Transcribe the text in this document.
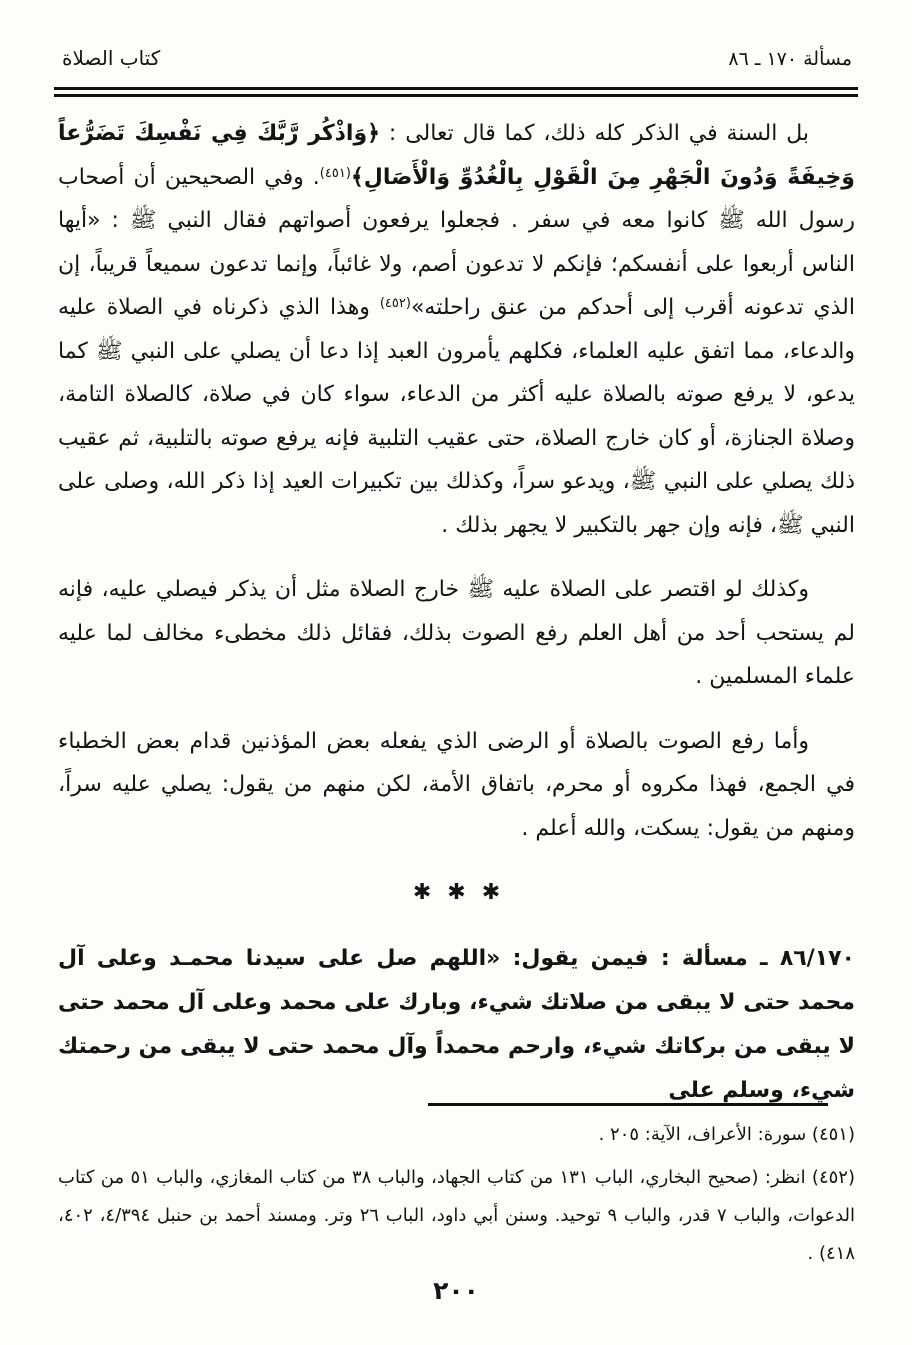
مسألة ١٧٠ ـ ٨٦
كتاب الصلاة

بل السنة في الذكر كله ذلك، كما قال تعالى : ﴿وَاذْكُر رَّبَّكَ فِي نَفْسِكَ تَضَرُّعاً وَخِيفَةً وَدُونَ الْجَهْرِ مِنَ الْقَوْلِ بِالْغُدُوِّ وَالْأَصَالِ﴾$^{(٤٥١)}$. وفي الصحيحين أن أصحاب رسول الله ﷺ كانوا معه في سفر . فجعلوا يرفعون أصواتهم فقال النبي ﷺ : «أيها الناس أربعوا على أنفسكم؛ فإنكم لا تدعون أصم، ولا غائباً، وإنما تدعون سميعاً قريباً، إن الذي تدعونه أقرب إلى أحدكم من عنق راحلته»$^{(٤٥٢)}$ وهذا الذي ذكرناه في الصلاة عليه والدعاء، مما اتفق عليه العلماء، فكلهم يأمرون العبد إذا دعا أن يصلي على النبي ﷺ كما يدعو، لا يرفع صوته بالصلاة عليه أكثر من الدعاء، سواء كان في صلاة، كالصلاة التامة، وصلاة الجنازة، أو كان خارج الصلاة، حتى عقيب التلبية فإنه يرفع صوته بالتلبية، ثم عقيب ذلك يصلي على النبي ﷺ، ويدعو سراً، وكذلك بين تكبيرات العيد إذا ذكر الله، وصلى على النبي ﷺ، فإنه وإن جهر بالتكبير لا يجهر بذلك .

وكذلك لو اقتصر على الصلاة عليه ﷺ خارج الصلاة مثل أن يذكر فيصلي عليه، فإنه لم يستحب أحد من أهل العلم رفع الصوت بذلك، فقائل ذلك مخطىء مخالف لما عليه علماء المسلمين .

وأما رفع الصوت بالصلاة أو الرضى الذي يفعله بعض المؤذنين قدام بعض الخطباء في الجمع، فهذا مكروه أو محرم، باتفاق الأمة، لكن منهم من يقول: يصلي عليه سراً، ومنهم من يقول: يسكت، والله أعلم .

✱✱✱

٨٦/١٧٠ ـ مسألة : فيمن يقول: «اللهم صل على سيدنا محمـد وعلى آل محمد حتى لا يبقى من صلاتك شيء، وبارك على محمد وعلى آل محمد حتى لا يبقى من بركاتك شيء، وارحم محمداً وآل محمد حتى لا يبقى من رحمتك شيء، وسلم على

(٤٥١) سورة: الأعراف، الآية: ٢٠٥ .

(٤٥٢) انظر: (صحيح البخاري، الباب ١٣١ من كتاب الجهاد، والباب ٣٨ من كتاب المغازي، والباب ٥١ من كتاب الدعوات، والباب ٧ قدر، والباب ٩ توحيد. وسنن أبي داود، الباب ٢٦ وتر. ومسند أحمد بن حنبل ٤/٣٩٤، ٤٠٢، ٤١٨) .

٢٠٠
